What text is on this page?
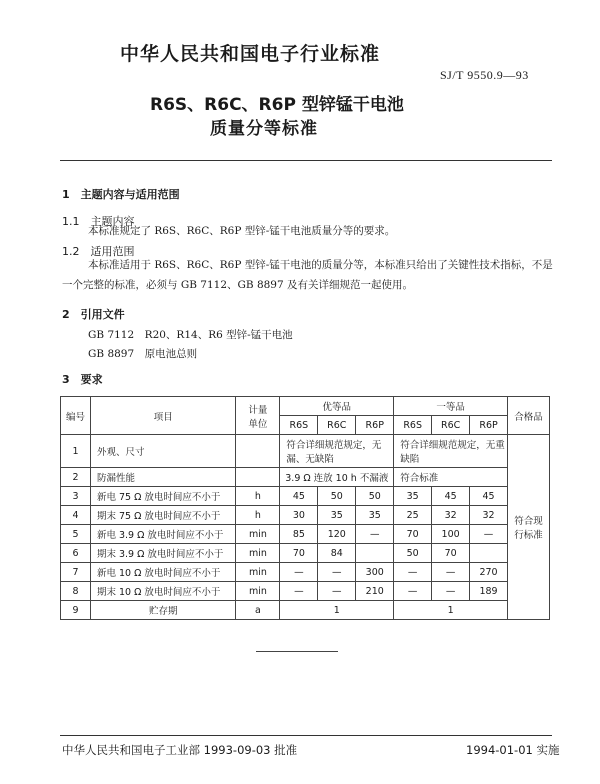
中华人民共和国电子行业标准
SJ/T 9550.9—93
R6S、R6C、R6P 型锌锰干电池
质量分等标准
1　主题内容与适用范围
1.1　主题内容
本标准规定了 R6S、R6C、R6P 型锌-锰干电池质量分等的要求。
1.2　适用范围
本标准适用于 R6S、R6C、R6P 型锌-锰干电池的质量分等，本标准只给出了关键性技术指标，不是
一个完整的标准，必须与 GB 7112、GB 8897 及有关详细规范一起使用。
2　引用文件
GB 7112　R20、R14、R6 型锌-锰干电池
GB 8897　原电池总则
3　要求
编号	项目	计量
单位	优等品			一等品			合格品
			R6S	R6C	R6P	R6S	R6C	R6P	
1	外观、尺寸		符合详细规范规定，无漏、无缺陷			符合详细规范规定，无重缺陷			符合现
行标准
2	防漏性能		3.9 Ω 连放 10 h 不漏液			符合标准			
3	新电 75 Ω 放电时间应不小于	h	45	50	50	35	45	45	
4	期末 75 Ω 放电时间应不小于	h	30	35	35	25	32	32	
5	新电 3.9 Ω 放电时间应不小于	min	85	120	—	70	100	—	
6	期末 3.9 Ω 放电时间应不小于	min	70	84		50	70		
7	新电 10 Ω 放电时间应不小于	min	—	—	300	—	—	270	
8	期末 10 Ω 放电时间应不小于	min	—	—	210	—	—	189	
9	贮存期	a	1			1			
中华人民共和国电子工业部 1993-09-03 批准	1994-01-01 实施
